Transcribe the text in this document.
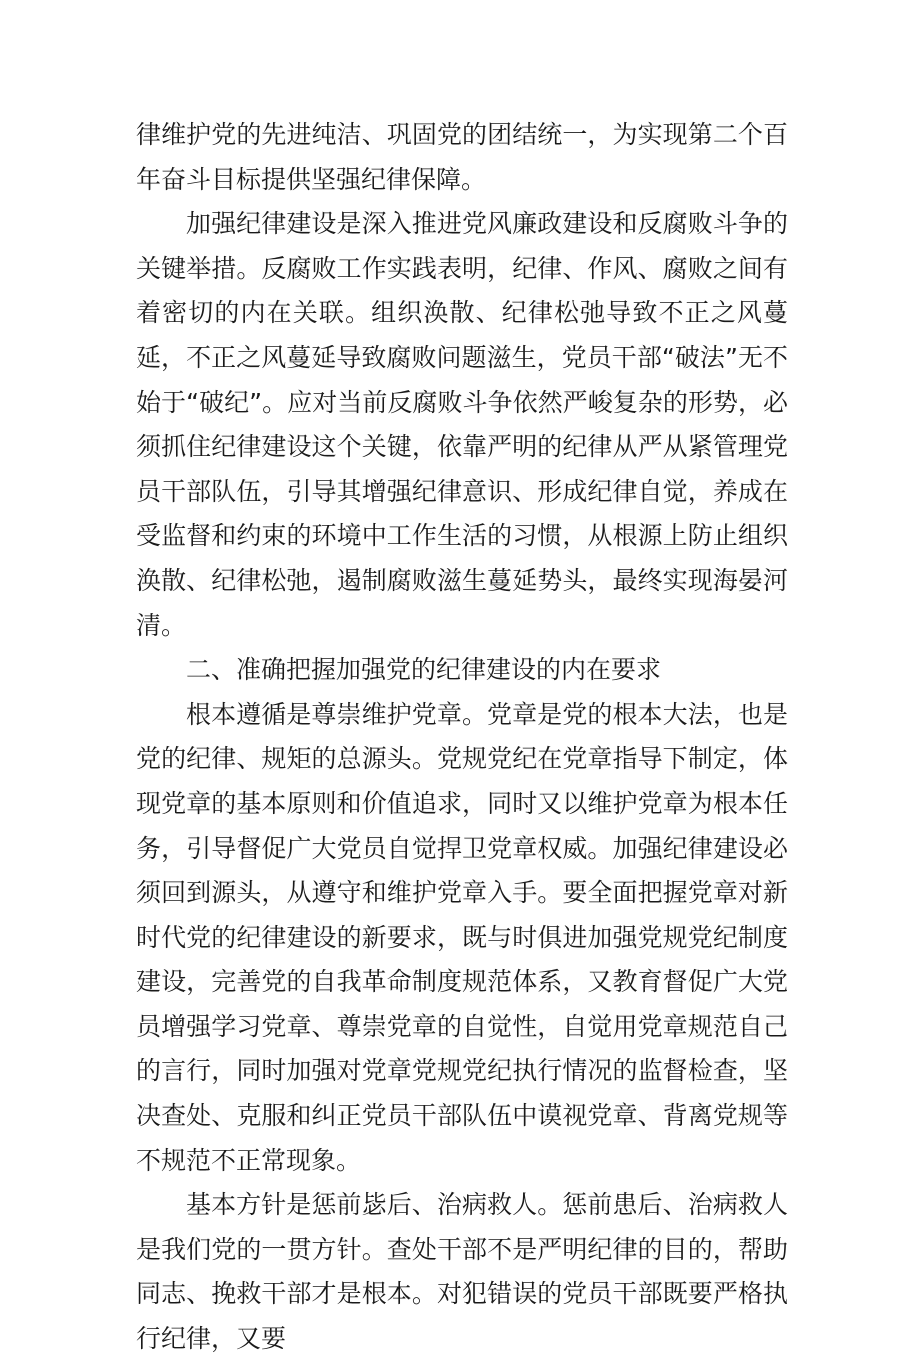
律维护党的先进纯洁、巩固党的团结统一，为实现第二个百年奋斗目标提供坚强纪律保障。

加强纪律建设是深入推进党风廉政建设和反腐败斗争的关键举措。反腐败工作实践表明，纪律、作风、腐败之间有着密切的内在关联。组织涣散、纪律松弛导致不正之风蔓延，不正之风蔓延导致腐败问题滋生，党员干部“破法”无不始于“破纪”。应对当前反腐败斗争依然严峻复杂的形势，必须抓住纪律建设这个关键，依靠严明的纪律从严从紧管理党员干部队伍，引导其增强纪律意识、形成纪律自觉，养成在受监督和约束的环境中工作生活的习惯，从根源上防止组织涣散、纪律松弛，遏制腐败滋生蔓延势头，最终实现海晏河清。

二、准确把握加强党的纪律建设的内在要求

根本遵循是尊崇维护党章。党章是党的根本大法，也是党的纪律、规矩的总源头。党规党纪在党章指导下制定，体现党章的基本原则和价值追求，同时又以维护党章为根本任务，引导督促广大党员自觉捍卫党章权威。加强纪律建设必须回到源头，从遵守和维护党章入手。要全面把握党章对新时代党的纪律建设的新要求，既与时俱进加强党规党纪制度建设，完善党的自我革命制度规范体系，又教育督促广大党员增强学习党章、尊崇党章的自觉性，自觉用党章规范自己的言行，同时加强对党章党规党纪执行情况的监督检查，坚决查处、克服和纠正党员干部队伍中谟视党章、背离党规等不规范不正常现象。

基本方针是惩前毖后、治病救人。惩前患后、治病救人是我们党的一贯方针。查处干部不是严明纪律的目的，帮助同志、挽救干部才是根本。对犯错误的党员干部既要严格执行纪律，又要
